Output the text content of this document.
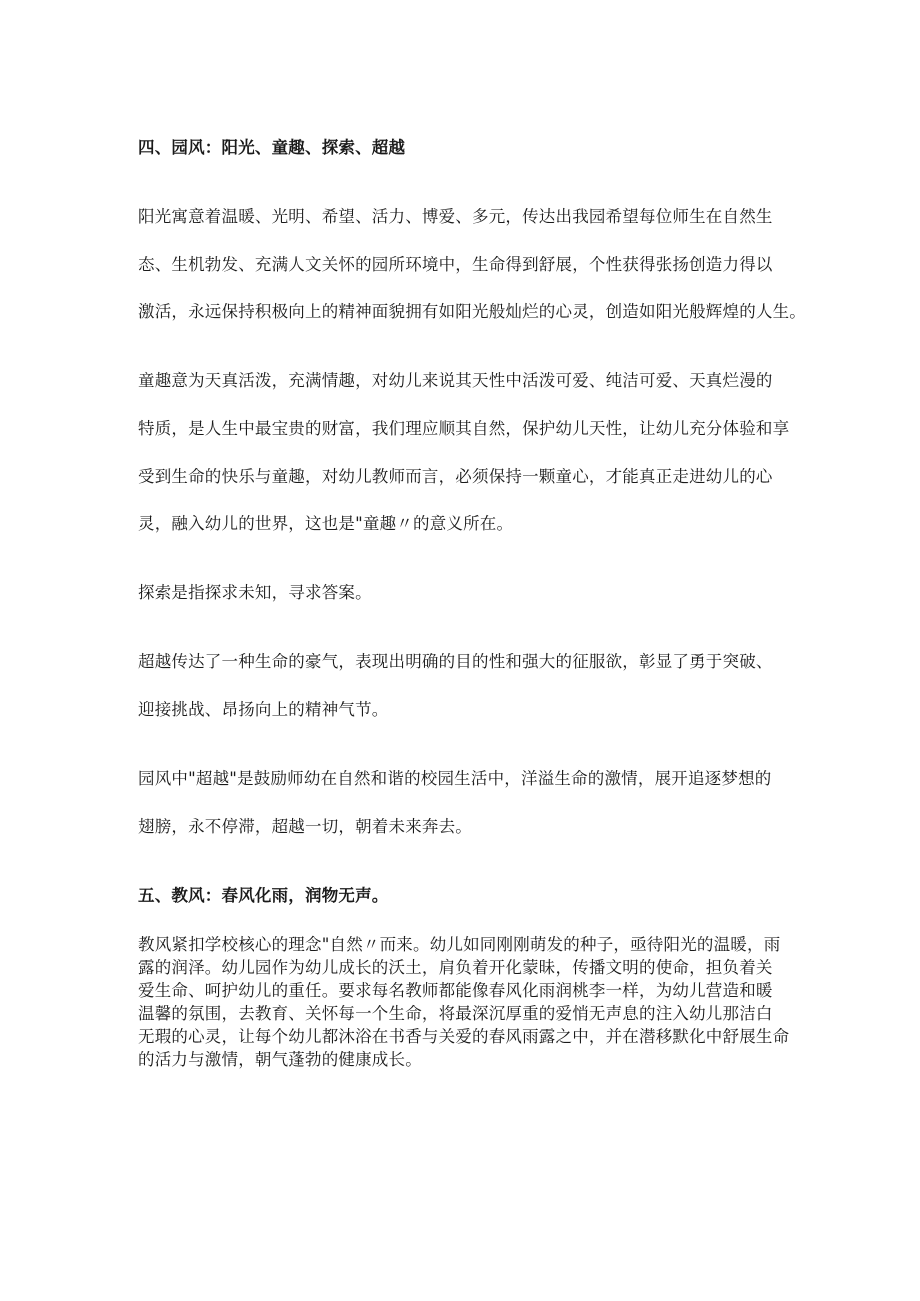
四、园风：阳光、童趣、探索、超越
阳光寓意着温暖、光明、希望、活力、博爱、多元，传达出我园希望每位师生在自然生
态、生机勃发、充满人文关怀的园所环境中，生命得到舒展，个性获得张扬创造力得以
激活，永远保持积极向上的精神面貌拥有如阳光般灿烂的心灵，创造如阳光般辉煌的人生。
童趣意为天真活泼，充满情趣，对幼儿来说其天性中活泼可爱、纯洁可爱、天真烂漫的
特质，是人生中最宝贵的财富，我们理应顺其自然，保护幼儿天性，让幼儿充分体验和享
受到生命的快乐与童趣，对幼儿教师而言，必须保持一颗童心，才能真正走进幼儿的心
灵，融入幼儿的世界，这也是"童趣〃的意义所在。
探索是指探求未知，寻求答案。
超越传达了一种生命的豪气，表现出明确的目的性和强大的征服欲，彰显了勇于突破、
迎接挑战、昂扬向上的精神气节。
园风中"超越"是鼓励师幼在自然和谐的校园生活中，洋溢生命的激情，展开追逐梦想的
翅膀，永不停滞，超越一切，朝着未来奔去。
五、教风：春风化雨，润物无声。
教风紧扣学校核心的理念"自然〃而来。幼儿如同刚刚萌发的种子，亟待阳光的温暖，雨
露的润泽。幼儿园作为幼儿成长的沃土，肩负着开化蒙昧，传播文明的使命，担负着关
爱生命、呵护幼儿的重任。要求每名教师都能像春风化雨润桃李一样，为幼儿营造和暖
温馨的氛围，去教育、关怀每一个生命，将最深沉厚重的爱悄无声息的注入幼儿那洁白
无瑕的心灵，让每个幼儿都沐浴在书香与关爱的春风雨露之中，并在潜移默化中舒展生命
的活力与激情，朝气蓬勃的健康成长。
